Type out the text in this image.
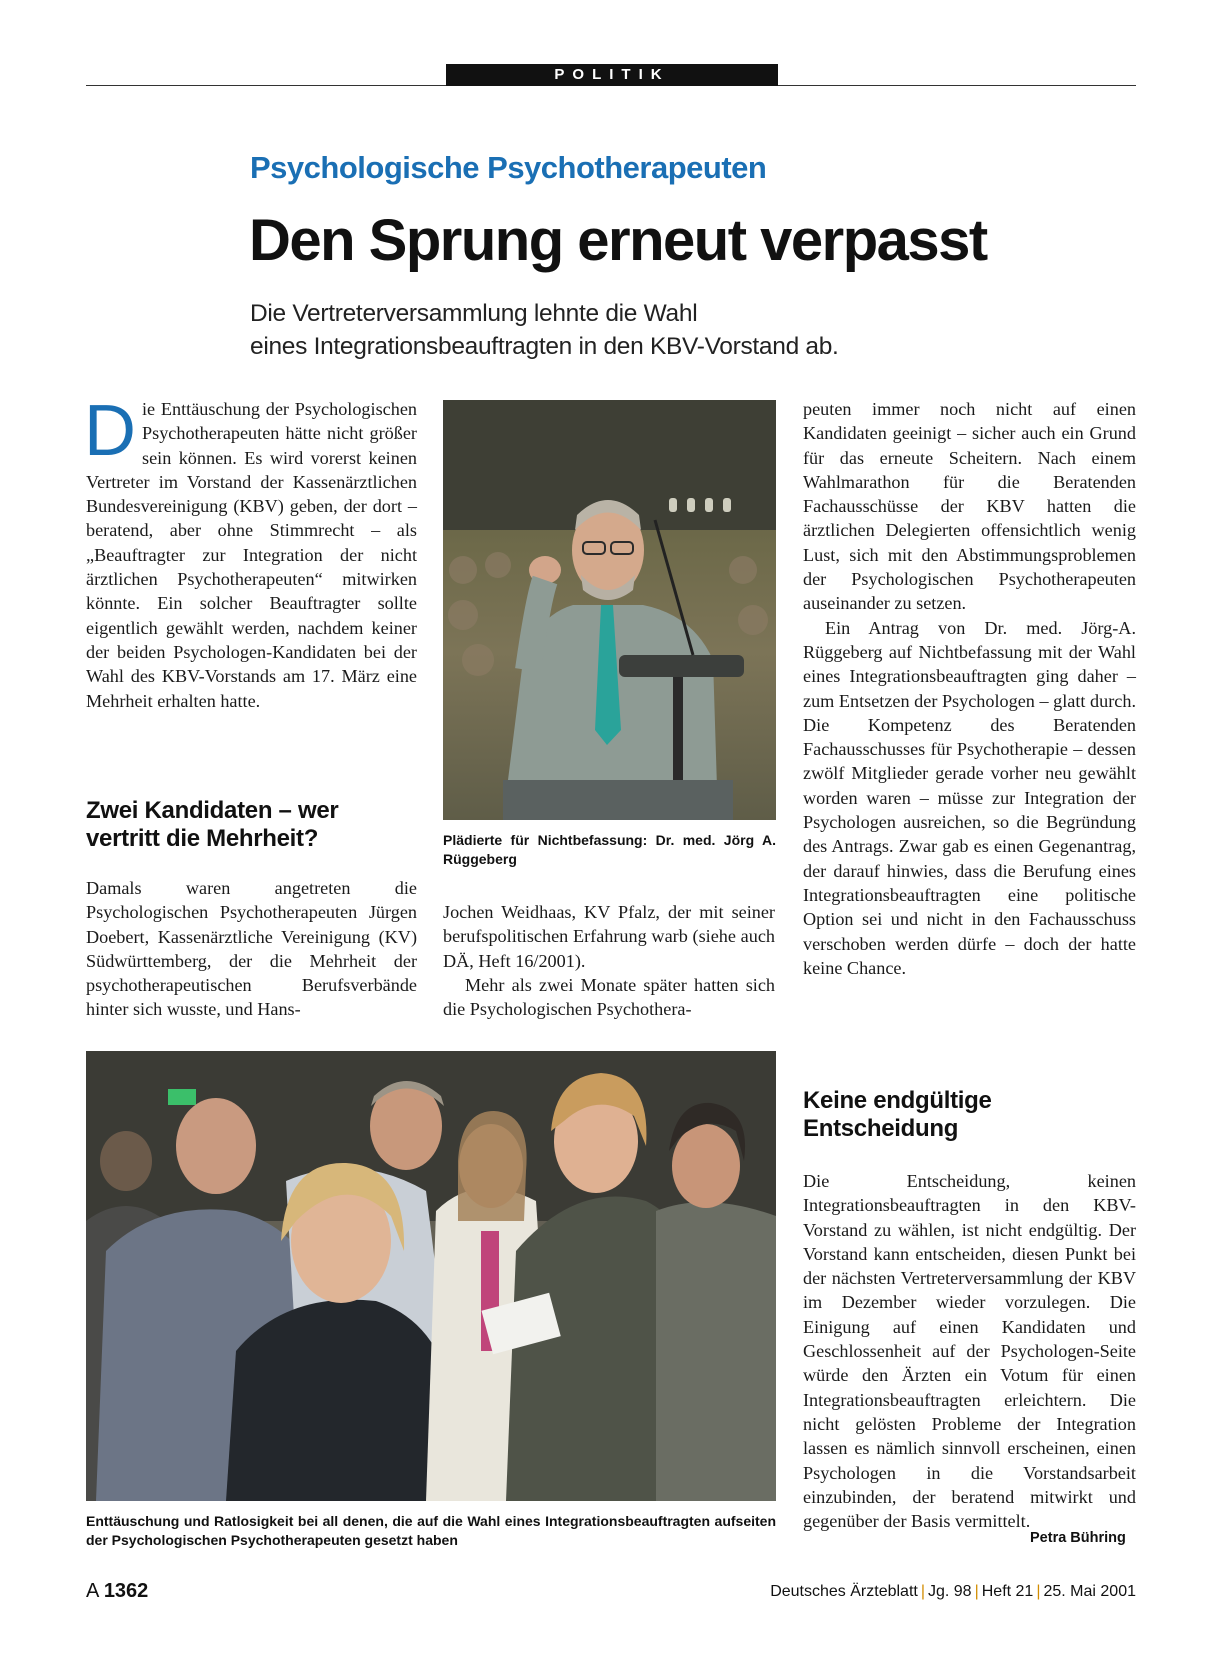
POLITIK
Psychologische Psychotherapeuten
Den Sprung erneut verpasst
Die Vertreterversammlung lehnte die Wahl
eines Integrationsbeauftragten in den KBV-Vorstand ab.

Die Enttäuschung der Psychologischen Psychotherapeuten hätte nicht größer sein können. Es wird vorerst keinen Vertreter im Vorstand der Kassenärztlichen Bundesvereinigung (KBV) geben, der dort – beratend, aber ohne Stimmrecht – als „Beauftragter zur Integration der nicht ärztlichen Psychotherapeuten“ mitwirken könnte. Ein solcher Beauftragter sollte eigentlich gewählt werden, nachdem keiner der beiden Psychologen-Kandidaten bei der Wahl des KBV-Vorstands am 17. März eine Mehrheit erhalten hatte.

Zwei Kandidaten – wer vertritt die Mehrheit?

Damals waren angetreten die Psychologischen Psychotherapeuten Jürgen Doebert, Kassenärztliche Vereinigung (KV) Südwürttemberg, der die Mehrheit der psychotherapeutischen Berufsverbände hinter sich wusste, und Hans-

Plädierte für Nichtbefassung: Dr. med. Jörg A. Rüggeberg

Jochen Weidhaas, KV Pfalz, der mit seiner berufspolitischen Erfahrung warb (siehe auch DÄ, Heft 16/2001).

Mehr als zwei Monate später hatten sich die Psychologischen Psychothera-

peuten immer noch nicht auf einen Kandidaten geeinigt – sicher auch ein Grund für das erneute Scheitern. Nach einem Wahlmarathon für die Beratenden Fachausschüsse der KBV hatten die ärztlichen Delegierten offensichtlich wenig Lust, sich mit den Abstimmungsproblemen der Psychologischen Psychotherapeuten auseinander zu setzen.

Ein Antrag von Dr. med. Jörg-A. Rüggeberg auf Nichtbefassung mit der Wahl eines Integrationsbeauftragten ging daher – zum Entsetzen der Psychologen – glatt durch. Die Kompetenz des Beratenden Fachausschusses für Psychotherapie – dessen zwölf Mitglieder gerade vorher neu gewählt worden waren – müsse zur Integration der Psychologen ausreichen, so die Begründung des Antrags. Zwar gab es einen Gegenantrag, der darauf hinwies, dass die Berufung eines Integrationsbeauftragten eine politische Option sei und nicht in den Fachausschuss verschoben werden dürfe – doch der hatte keine Chance.

Keine endgültige Entscheidung

Die Entscheidung, keinen Integrationsbeauftragten in den KBV-Vorstand zu wählen, ist nicht endgültig. Der Vorstand kann entscheiden, diesen Punkt bei der nächsten Vertreterversammlung der KBV im Dezember wieder vorzulegen. Die Einigung auf einen Kandidaten und Geschlossenheit auf der Psychologen-Seite würde den Ärzten ein Votum für einen Integrationsbeauftragten erleichtern. Die nicht gelösten Probleme der Integration lassen es nämlich sinnvoll erscheinen, einen Psychologen in die Vorstandsarbeit einzubinden, der beratend mitwirkt und gegenüber der Basis vermittelt.

Petra Bühring
Enttäuschung und Ratlosigkeit bei all denen, die auf die Wahl eines Integrationsbeauftragten aufseiten der Psychologischen Psychotherapeuten gesetzt haben
A 1362	Deutsches Ärzteblatt | Jg. 98 | Heft 21 | 25. Mai 2001
